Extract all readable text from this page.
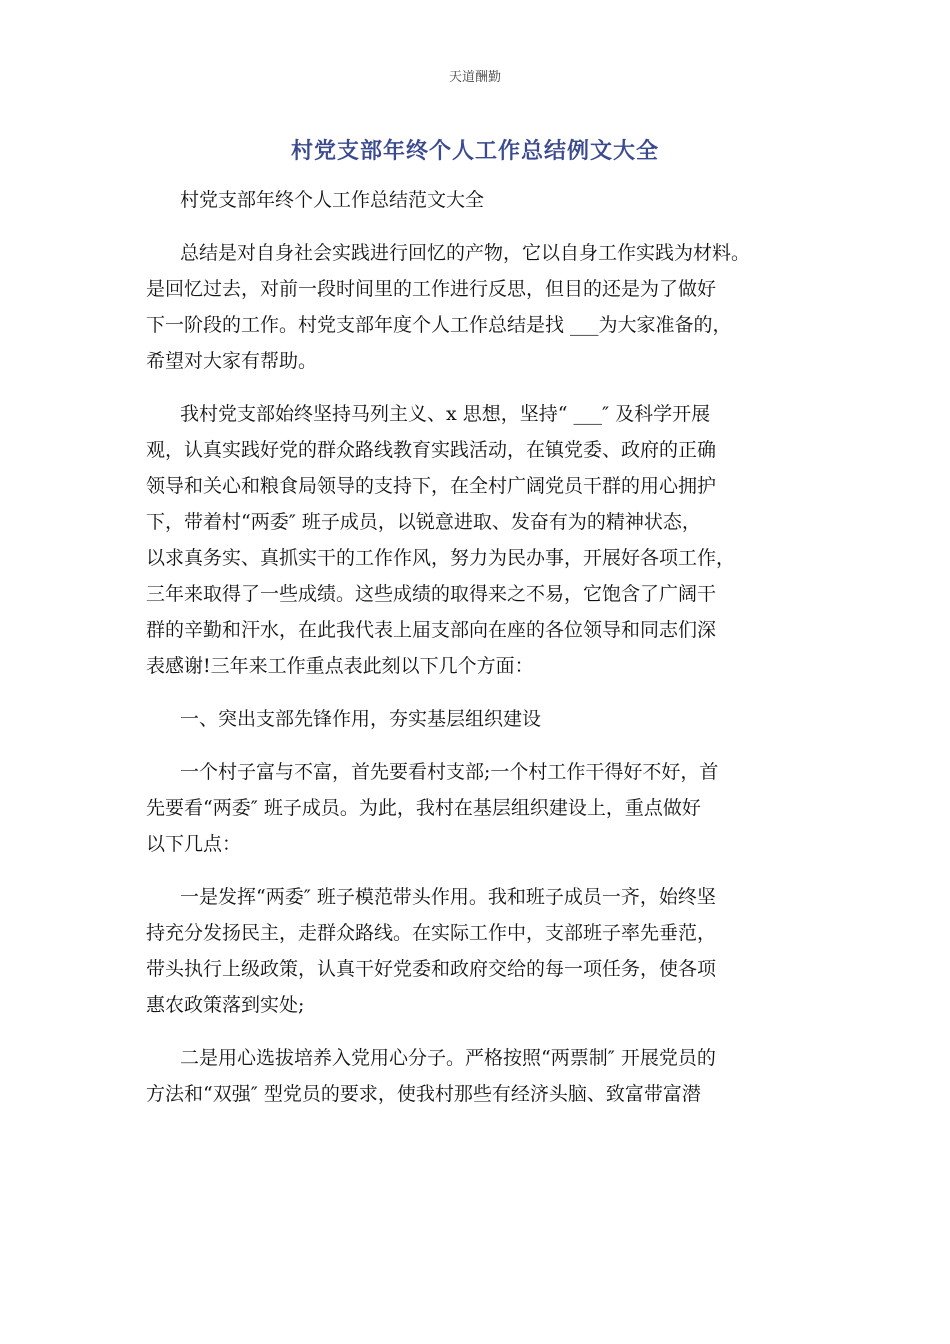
天道酬勤
村党支部年终个人工作总结例文大全
村党支部年终个人工作总结范文大全
总结是对自身社会实践进行回忆的产物，它以自身工作实践为材料。
是回忆过去，对前一段时间里的工作进行反思，但目的还是为了做好
下一阶段的工作。村党支部年度个人工作总结是找 ___为大家准备的，
希望对大家有帮助。
我村党支部始终坚持马列主义、x 思想，坚持“ ___″ 及科学开展
观，认真实践好党的群众路线教育实践活动，在镇党委、政府的正确
领导和关心和粮食局领导的支持下，在全村广阔党员干群的用心拥护
下，带着村“两委″ 班子成员，以锐意进取、发奋有为的精神状态，
以求真务实、真抓实干的工作作风，努力为民办事，开展好各项工作，
三年来取得了一些成绩。这些成绩的取得来之不易，它饱含了广阔干
群的辛勤和汗水，在此我代表上届支部向在座的各位领导和同志们深
表感谢!三年来工作重点表此刻以下几个方面：
一、突出支部先锋作用，夯实基层组织建设
一个村子富与不富，首先要看村支部;一个村工作干得好不好，首
先要看“两委″ 班子成员。为此，我村在基层组织建设上，重点做好
以下几点：
一是发挥“两委″ 班子模范带头作用。我和班子成员一齐，始终坚
持充分发扬民主，走群众路线。在实际工作中，支部班子率先垂范，
带头执行上级政策，认真干好党委和政府交给的每一项任务，使各项
惠农政策落到实处;
二是用心选拔培养入党用心分子。严格按照“两票制″ 开展党员的
方法和“双强″ 型党员的要求，使我村那些有经济头脑、致富带富潜
